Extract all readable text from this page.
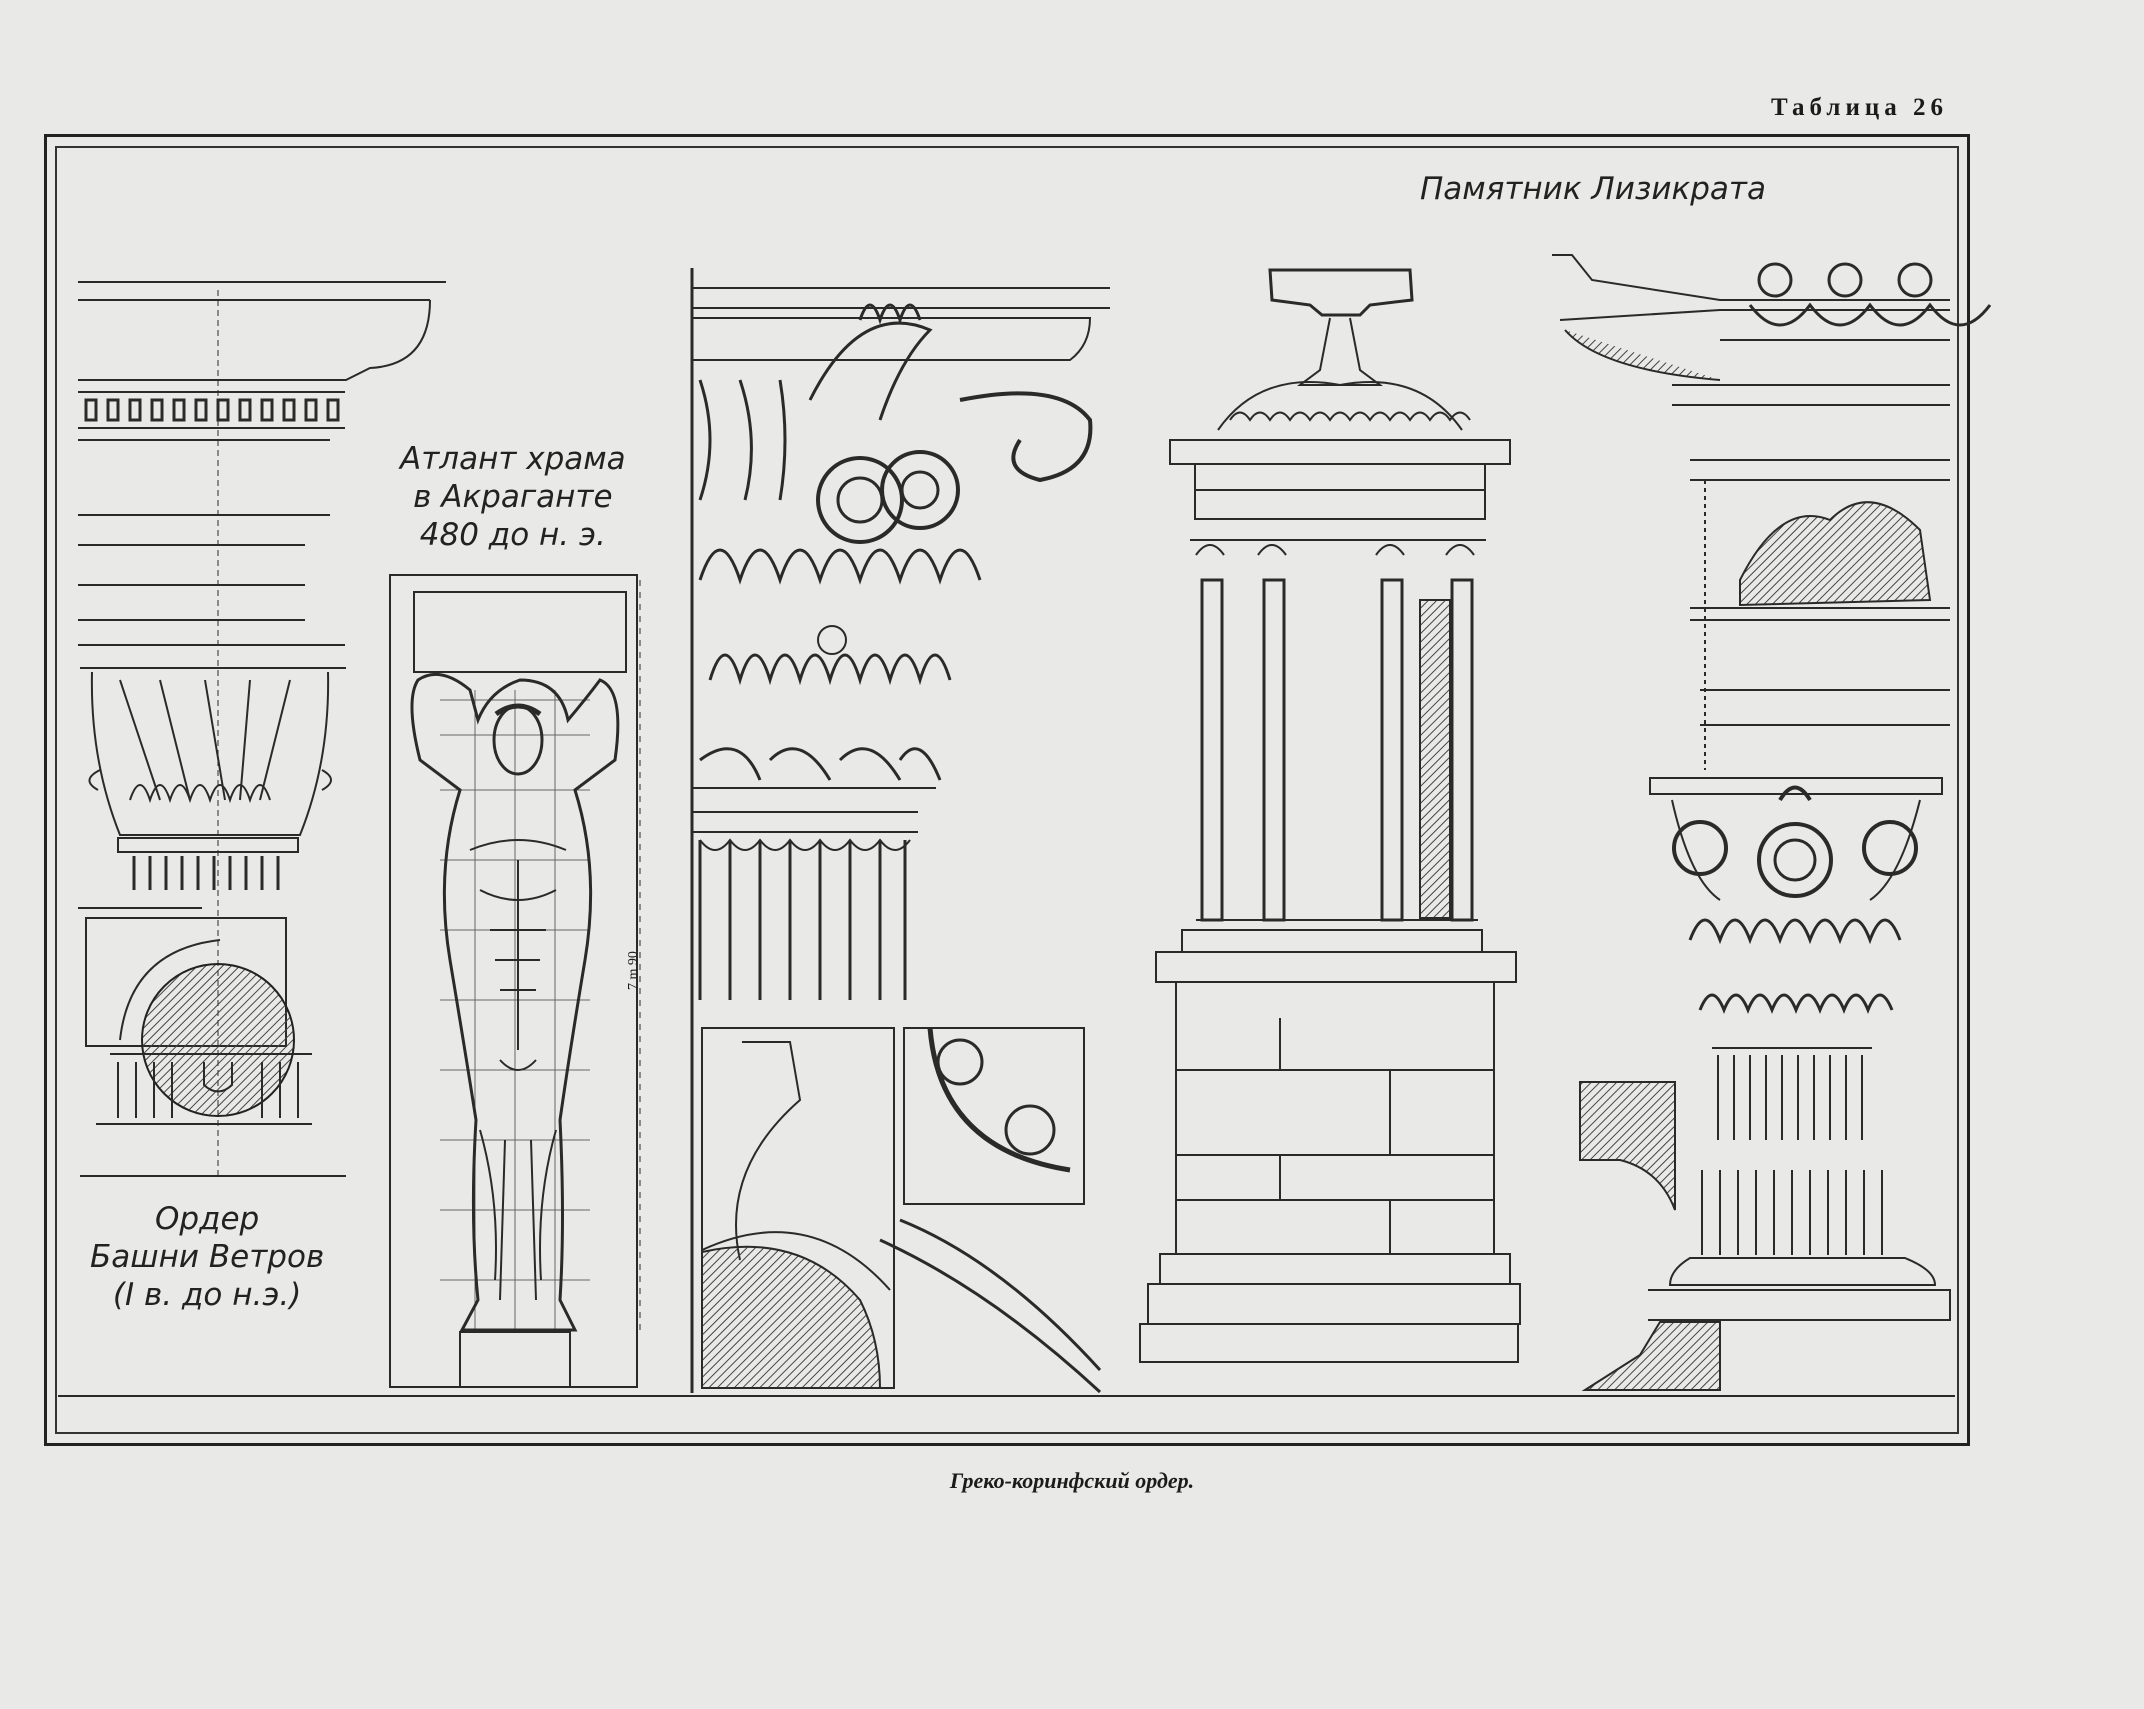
Таблица 26
Памятник Лизикрата
Атлант храма
в Акраганте
480 до н. э.
Ордер
Башни Ветров
(I в. до н.э.)
7 m 90
Греко-коринфский ордер.
